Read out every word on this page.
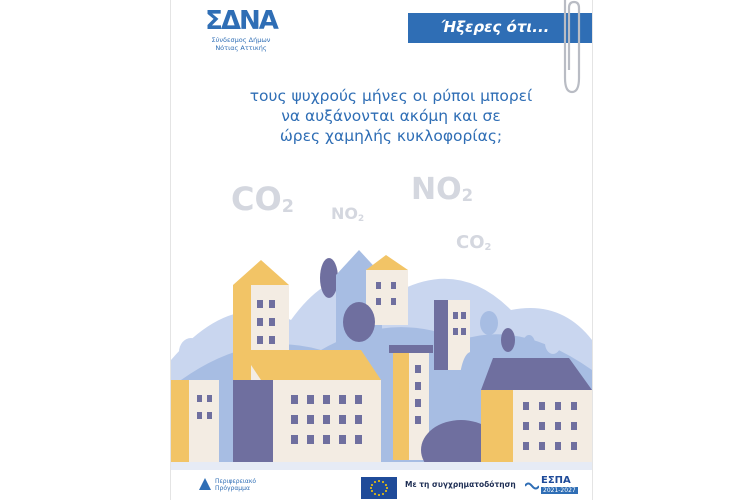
ΣΔΝΑ
Σύνδεσμος Δήμων
Νότιας Αττικής
Ήξερες ότι...
τους ψυχρούς μήνες οι ρύποι μπορεί
να αυξάνονται ακόμη και σε
ώρες χαμηλής κυκλοφορίας;
$CO_2$ $NO_2$
$NO_2$
$CO_2$
Περιφερειακό
Πρόγραμμα	Με τη συγχρηματοδότηση	ΕΣΠΑ
2021-2027
